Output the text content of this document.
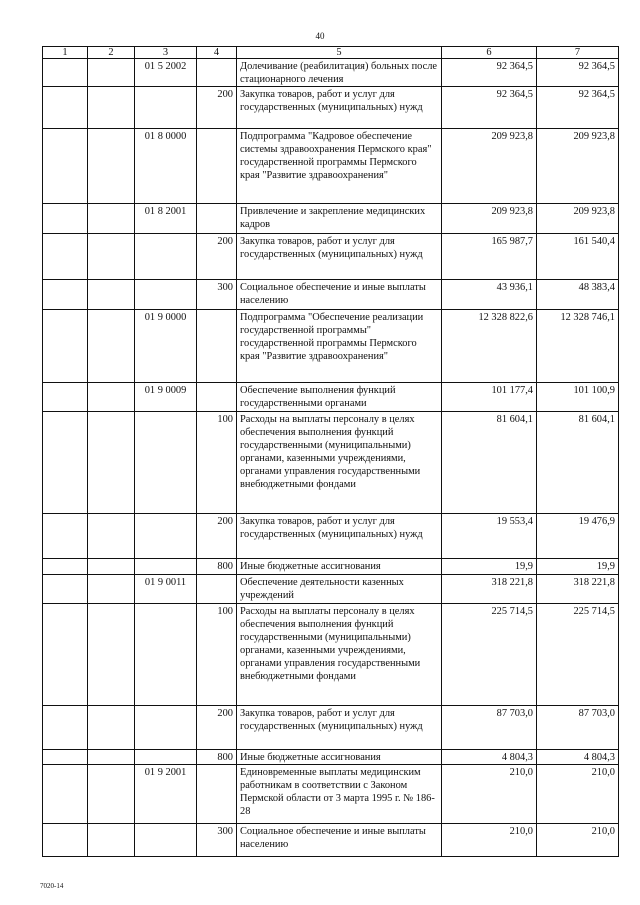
40
1	2	3	4	5	6	7
		01 5 2002		Долечивание (реабилитация) больных после стационарного лечения	92 364,5	92 364,5
			200	Закупка товаров, работ и услуг для государственных (муниципальных) нужд	92 364,5	92 364,5
		01 8 0000		Подпрограмма "Кадровое обеспечение системы здравоохранения Пермского края" государственной программы Пермского края "Развитие здравоохранения"	209 923,8	209 923,8
		01 8 2001		Привлечение и закрепление медицинских кадров	209 923,8	209 923,8
			200	Закупка товаров, работ и услуг для государственных (муниципальных) нужд	165 987,7	161 540,4
			300	Социальное обеспечение и иные выплаты населению	43 936,1	48 383,4
		01 9 0000		Подпрограмма "Обеспечение реализации государственной программы" государственной программы Пермского края "Развитие здравоохранения"	12 328 822,6	12 328 746,1
		01 9 0009		Обеспечение выполнения функций государственными органами	101 177,4	101 100,9
			100	Расходы на выплаты персоналу в целях обеспечения выполнения функций государственными (муниципальными) органами, казенными учреждениями, органами управления государственными внебюджетными фондами	81 604,1	81 604,1
			200	Закупка товаров, работ и услуг для государственных (муниципальных) нужд	19 553,4	19 476,9
			800	Иные бюджетные ассигнования	19,9	19,9
		01 9 0011		Обеспечение деятельности казенных учреждений	318 221,8	318 221,8
			100	Расходы на выплаты персоналу в целях обеспечения выполнения функций государственными (муниципальными) органами, казенными учреждениями, органами управления государственными внебюджетными фондами	225 714,5	225 714,5
			200	Закупка товаров, работ и услуг для государственных (муниципальных) нужд	87 703,0	87 703,0
			800	Иные бюджетные ассигнования	4 804,3	4 804,3
		01 9 2001		Единовременные выплаты медицинским работникам в соответствии с Законом Пермской области от 3 марта 1995 г. № 186-28	210,0	210,0
			300	Социальное обеспечение и иные выплаты населению	210,0	210,0
7020-14
